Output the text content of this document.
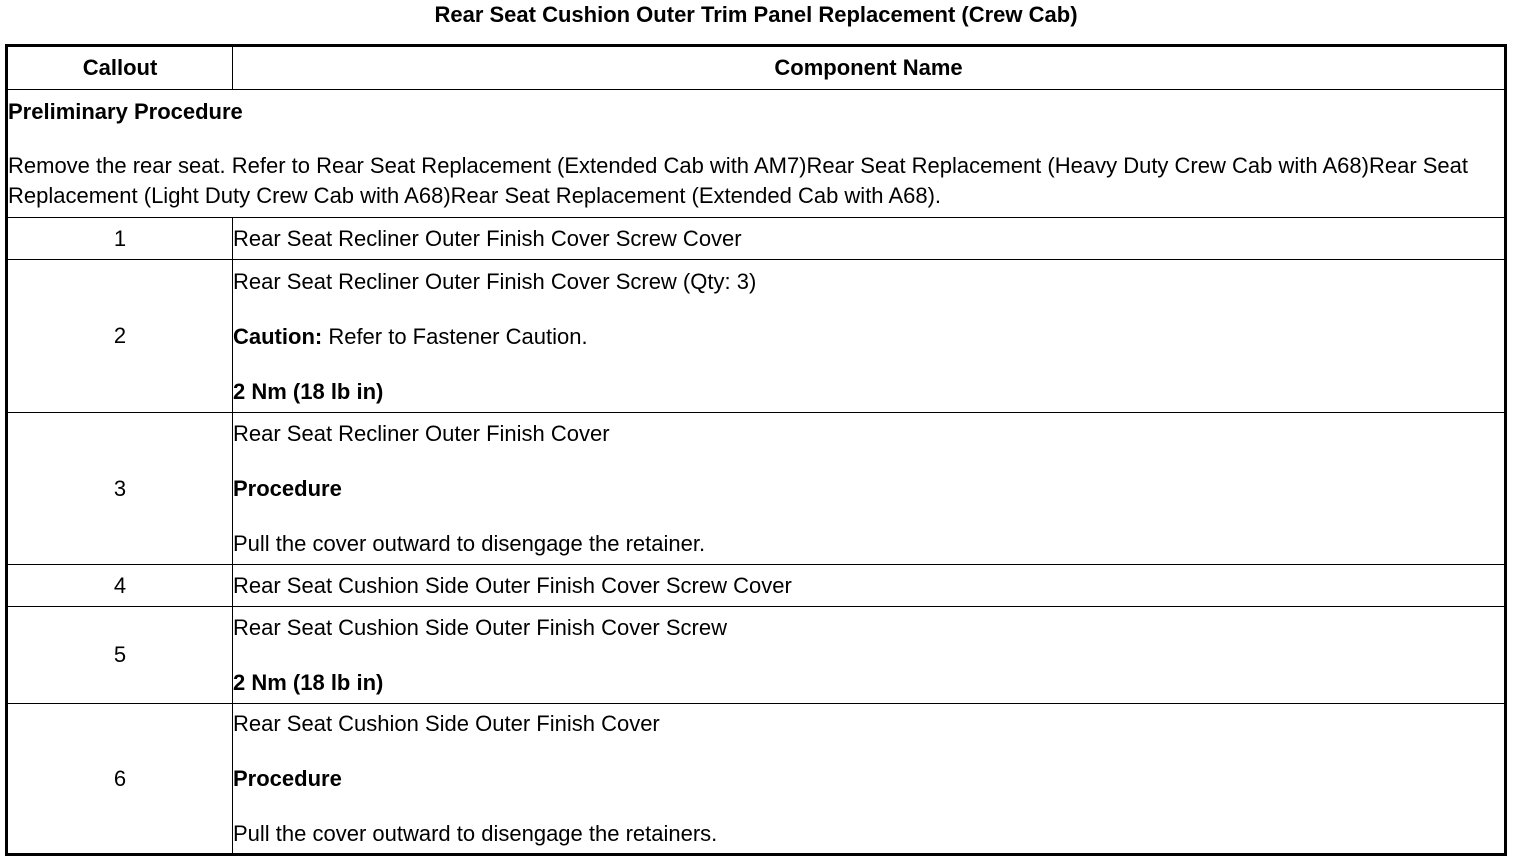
Rear Seat Cushion Outer Trim Panel Replacement (Crew Cab)
Callout	Component Name

Preliminary Procedure
Remove the rear seat. Refer to Rear Seat Replacement (Extended Cab with AM7)Rear Seat Replacement (Heavy Duty Crew Cab with A68)Rear Seat Replacement (Light Duty Crew Cab with A68)Rear Seat Replacement (Extended Cab with A68).	

1	Rear Seat Recliner Outer Finish Cover Screw Cover
2	Rear Seat Recliner Outer Finish Cover Screw (Qty: 3)
Caution: Refer to Fastener Caution.
2 Nm (18 lb in)

3	Rear Seat Recliner Outer Finish Cover
Procedure
Pull the cover outward to disengage the retainer.

4	Rear Seat Cushion Side Outer Finish Cover Screw Cover
5	Rear Seat Cushion Side Outer Finish Cover Screw
2 Nm (18 lb in)

6	Rear Seat Cushion Side Outer Finish Cover
Procedure
Pull the cover outward to disengage the retainers.
